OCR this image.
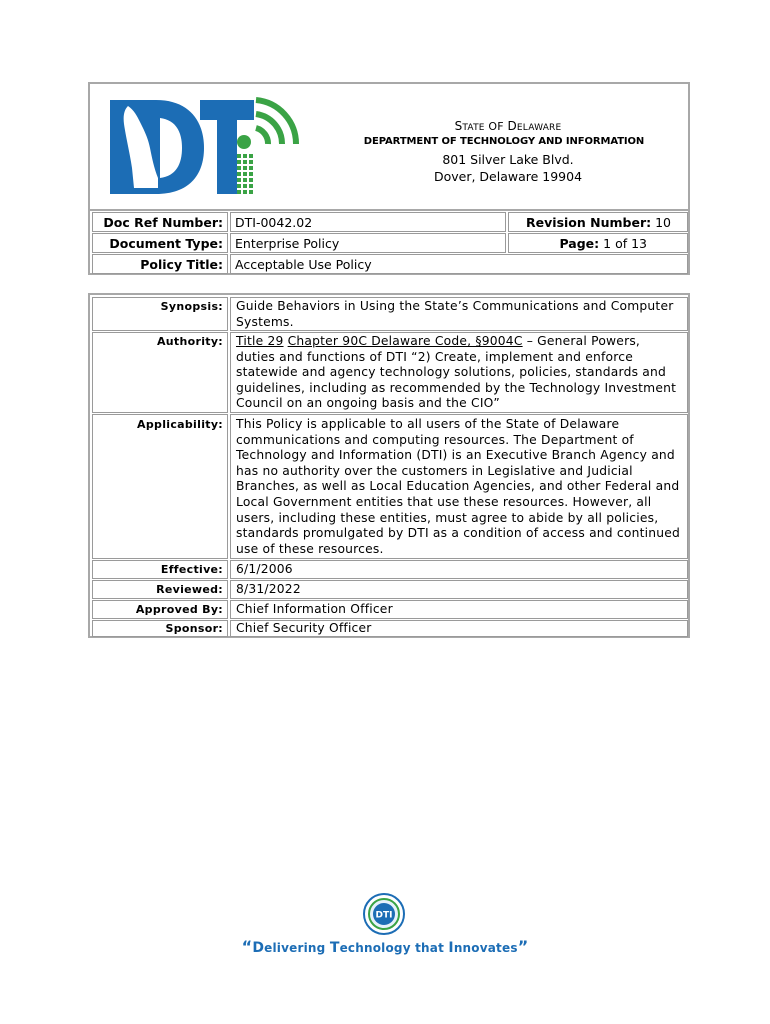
STATE OF DELAWARE
DEPARTMENT OF TECHNOLOGY AND INFORMATION
801 Silver Lake Blvd.
Dover, Delaware 19904
Doc Ref Number: DTI-0042.02	Revision Number: 10
Document Type: Enterprise Policy	Page: 1 of 13
Policy Title: Acceptable Use Policy
Synopsis: Guide Behaviors in Using the State’s Communications and Computer
Systems.
Authority: Title 29 Chapter 90C Delaware Code, §9004C – General Powers,
duties and functions of DTI “2) Create, implement and enforce
statewide and agency technology solutions, policies, standards and
guidelines, including as recommended by the Technology Investment
Council on an ongoing basis and the CIO”
Applicability: This Policy is applicable to all users of the State of Delaware
communications and computing resources. The Department of
Technology and Information (DTI) is an Executive Branch Agency and
has no authority over the customers in Legislative and Judicial
Branches, as well as Local Education Agencies, and other Federal and
Local Government entities that use these resources. However, all
users, including these entities, must agree to abide by all policies,
standards promulgated by DTI as a condition of access and continued
use of these resources.
Effective: 6/1/2006
Reviewed: 8/31/2022
Approved By: Chief Information Officer
Sponsor: Chief Security Officer
DTI
“Delivering Technology that Innovates”
